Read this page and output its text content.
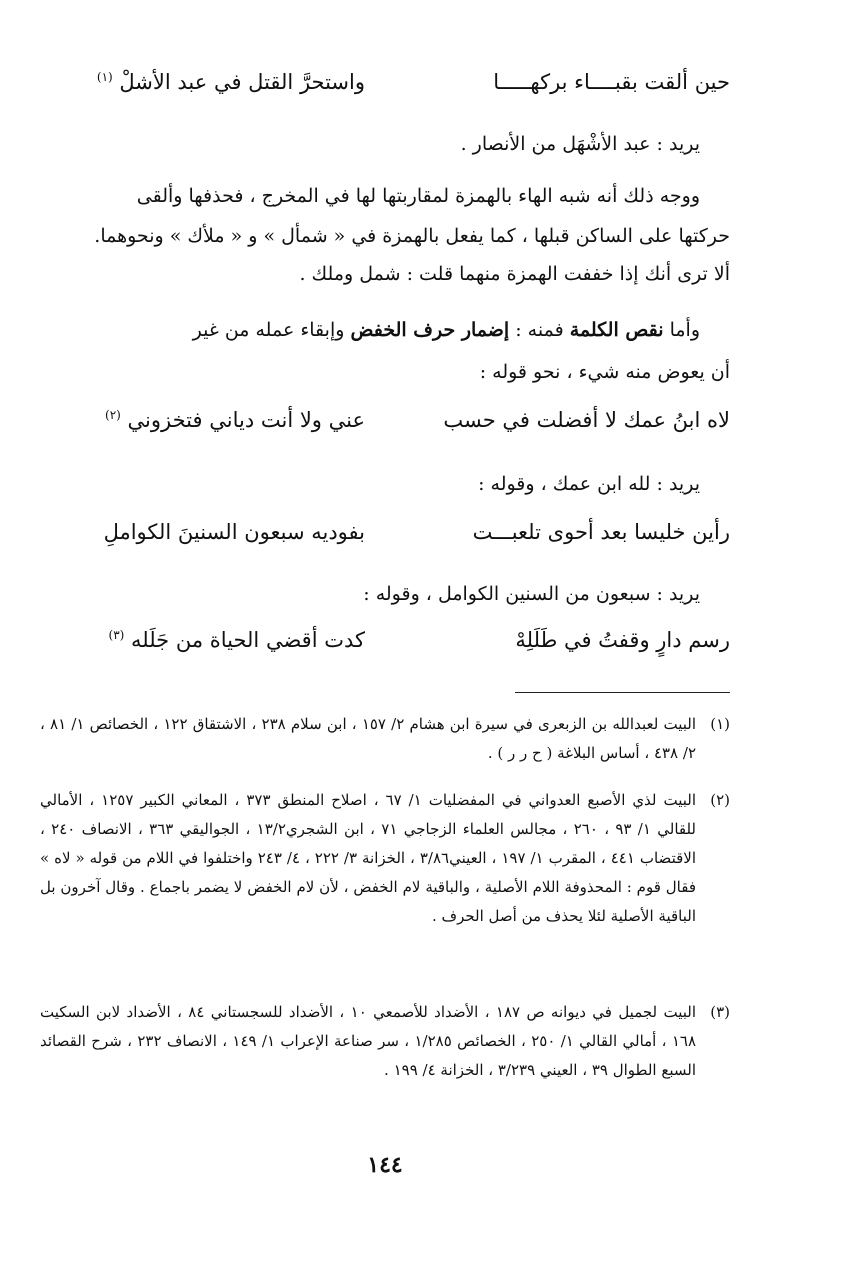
حين ألقت بقبــــاء بركهـــــا
واستحرَّ القتل في عبد الأشلْ $^{(١)}$
يريد : عبد الأشْهَل من الأنصار .
ووجه ذلك أنه شبه الهاء بالهمزة لمقاربتها لها في المخرج ، فحذفها وألقى
حركتها على الساكن قبلها ، كما يفعل بالهمزة في « شمأل » و « ملأك » ونحوهما.
ألا ترى أنك إذا خففت الهمزة منهما قلت : شمل وملك .
وأما نقص الكلمة فمنه : إضمار حرف الخفض وإبقاء عمله من غير
أن يعوض منه شيء ، نحو قوله :
لاه ابنُ عمك لا أفضلت في حسب
عني ولا أنت دياني فتخزوني $^{(٢)}$
يريد : لله ابن عمك ، وقوله :
رأين خليسا بعد أحوى تلعبـــت
بفوديه سبعون السنينَ الكواملِ
يريد : سبعون من السنين الكوامل ، وقوله :
رسم دارٍ وقفتُ في طَلَلِهْ
كدت أقضي الحياة من جَلَله $^{(٣)}$
(١)
البيت لعبدالله بن الزبعرى في سيرة ابن هشام ٢/ ١٥٧ ، ابن سلام ٢٣٨ ، الاشتقاق ١٢٢ ، الخصائص ١/ ٨١ ، ٢/ ٤٣٨ ، أساس البلاغة ( ح ر ر ) .
(٢)
البيت لذي الأصبع العدواني في المفضليات ١/ ٦٧ ، اصلاح المنطق ٣٧٣ ، المعاني الكبير ١٢٥٧ ، الأمالي للقالي ١/ ٩٣ ، ٢٦٠ ، مجالس العلماء الزجاجي ٧١ ، ابن الشجري١٣/٢ ، الجواليقي ٣٦٣ ، الانصاف ٢٤٠ ، الاقتضاب ٤٤١ ، المقرب ١/ ١٩٧ ، العيني٣/٨٦ ، الخزانة ٣/ ٢٢٢ ، ٤/ ٢٤٣ واختلفوا في اللام من قوله « لاه » فقال قوم : المحذوفة اللام الأصلية ، والباقية لام الخفض ، لأن لام الخفض لا يضمر باجماع . وقال آخرون بل الباقية الأصلية لئلا يحذف من أصل الحرف .
(٣)
البيت لجميل في ديوانه ص ١٨٧ ، الأضداد للأصمعي ١٠ ، الأضداد للسجستاني ٨٤ ، الأضداد لابن السكيت ١٦٨ ، أمالي القالي ١/ ٢٥٠ ، الخصائص ١/٢٨٥ ، سر صناعة الإعراب ١/ ١٤٩ ، الانصاف ٢٣٢ ، شرح القصائد السبع الطوال ٣٩ ، العيني ٣/٢٣٩ ، الخزانة ٤/ ١٩٩ .
١٤٤
